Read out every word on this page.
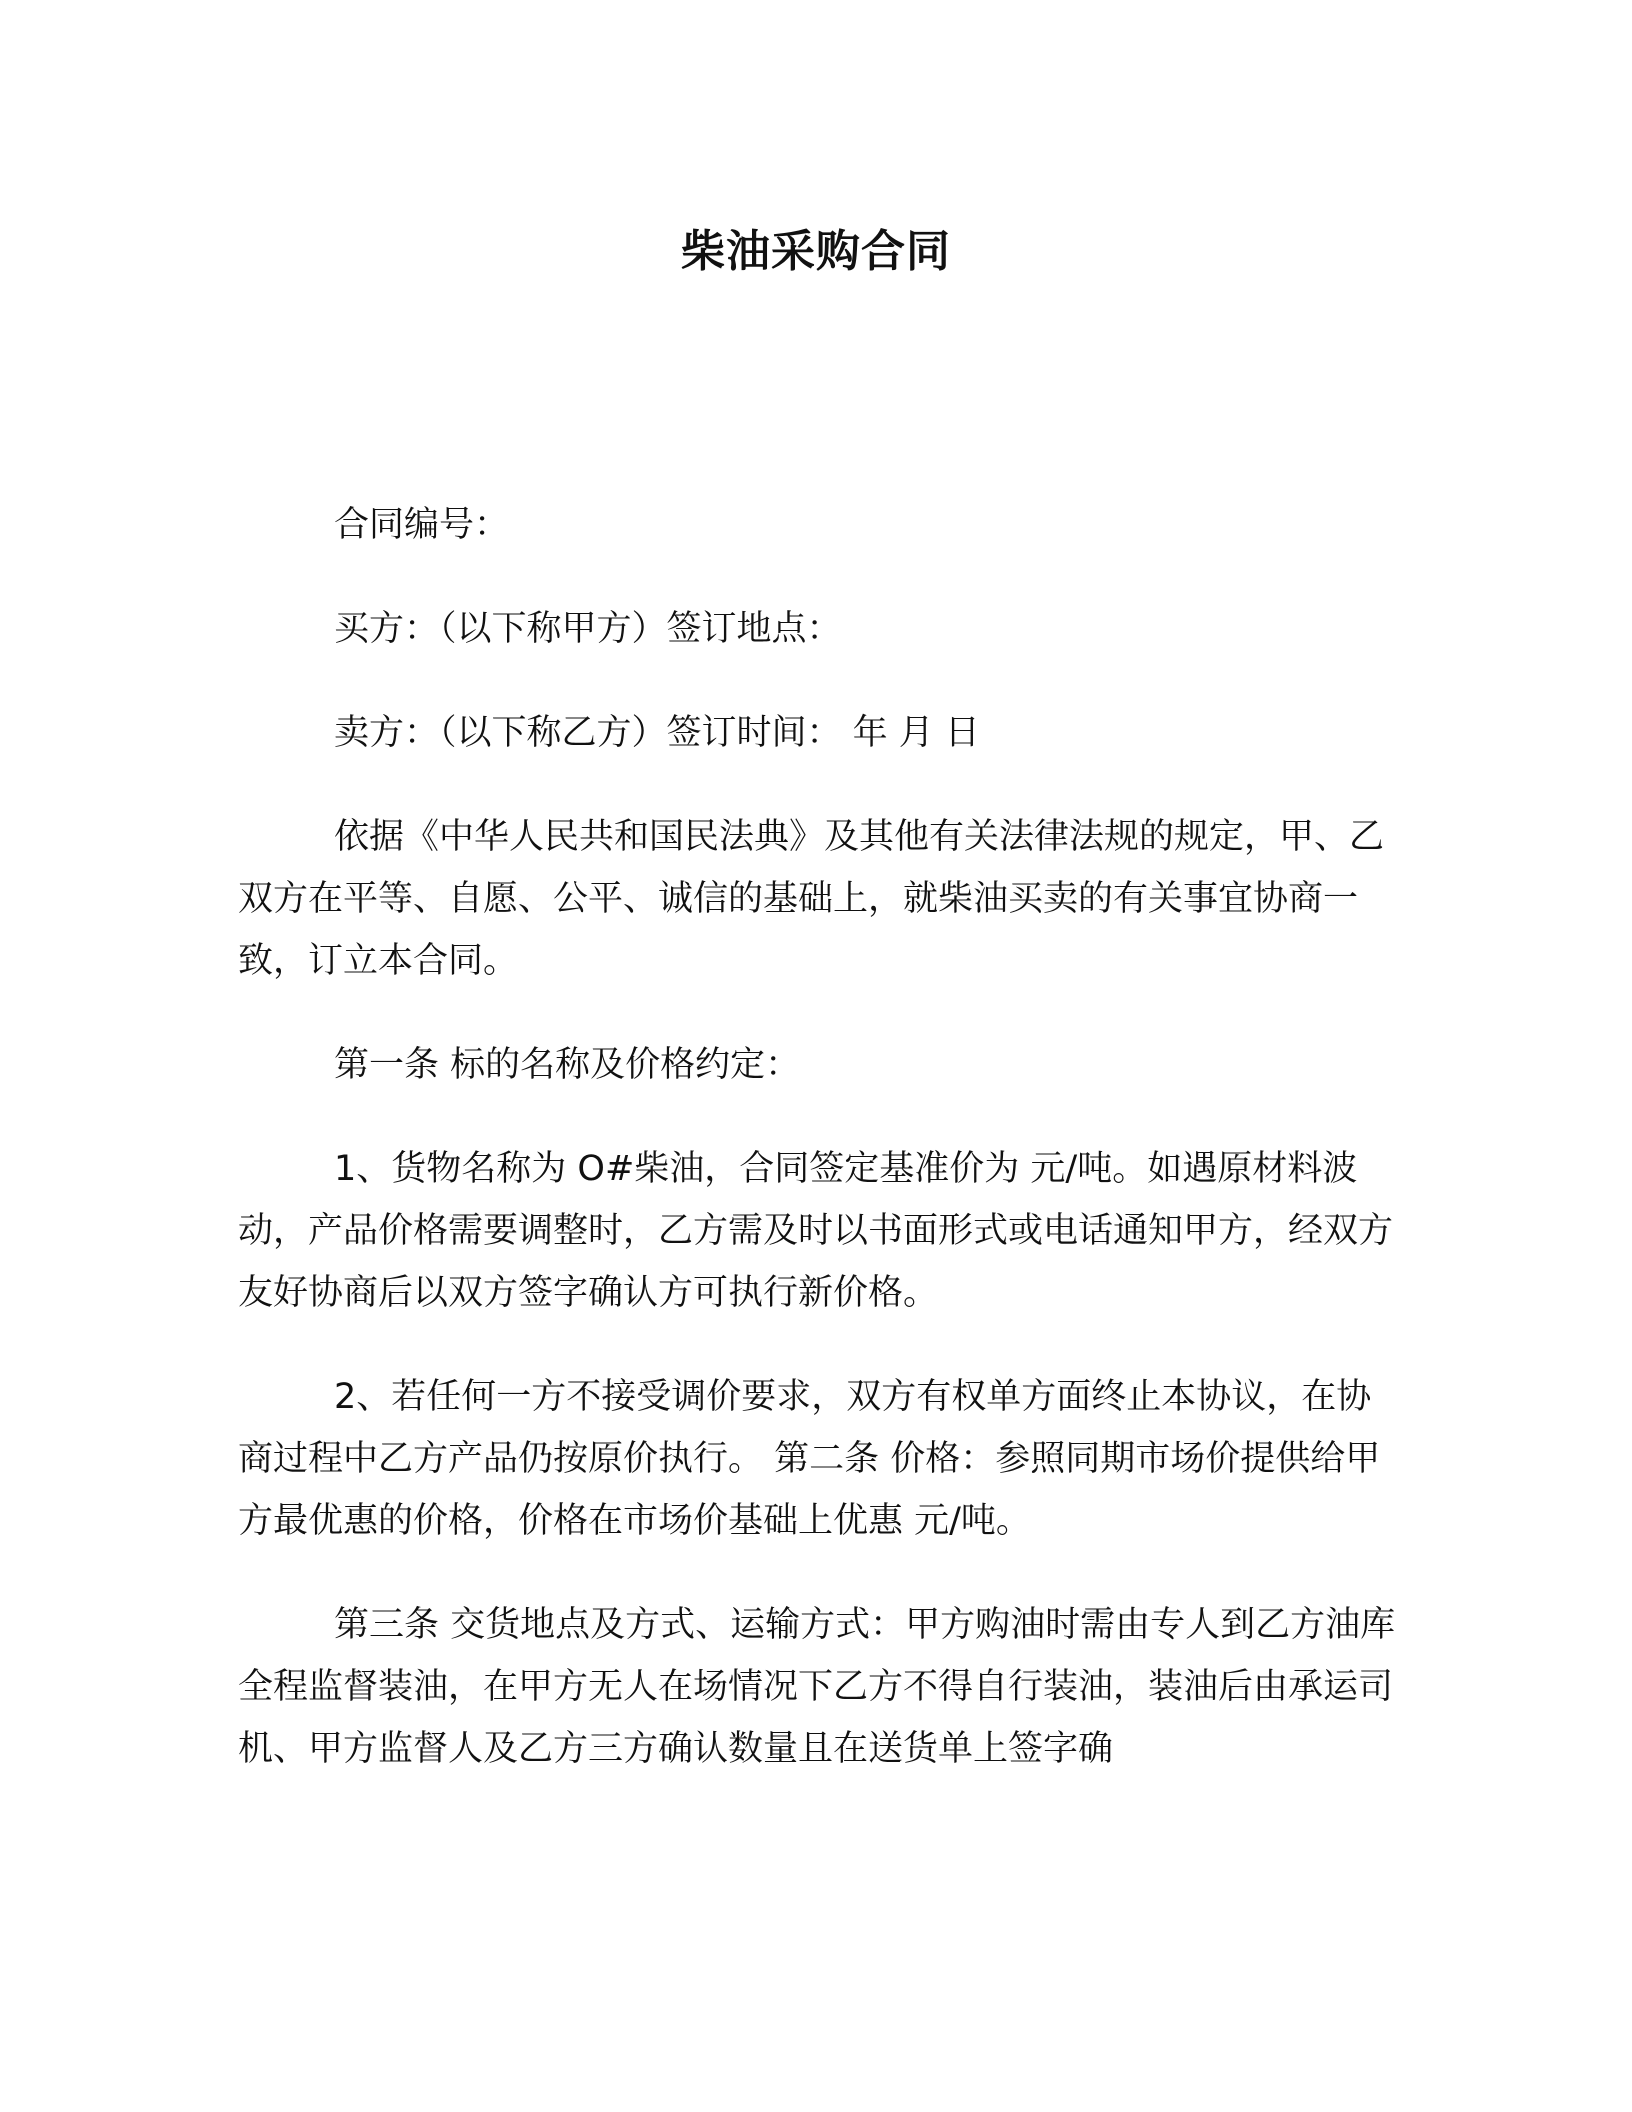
柴油采购合同

合同编号：

买方：（以下称甲方）签订地点：

卖方：（以下称乙方）签订时间： 年 月 日

依据《中华人民共和国民法典》及其他有关法律法规的规定，甲、乙双方在平等、自愿、公平、诚信的基础上，就柴油买卖的有关事宜协商一致，订立本合同。

第一条 标的名称及价格约定：

1、货物名称为 O#柴油，合同签定基准价为 元/吨。如遇原材料波动，产品价格需要调整时，乙方需及时以书面形式或电话通知甲方，经双方友好协商后以双方签字确认方可执行新价格。

2、若任何一方不接受调价要求，双方有权单方面终止本协议，在协商过程中乙方产品仍按原价执行。 第二条 价格：参照同期市场价提供给甲方最优惠的价格，价格在市场价基础上优惠 元/吨。

第三条 交货地点及方式、运输方式：甲方购油时需由专人到乙方油库全程监督装油，在甲方无人在场情况下乙方不得自行装油，装油后由承运司机、甲方监督人及乙方三方确认数量且在送货单上签字确
